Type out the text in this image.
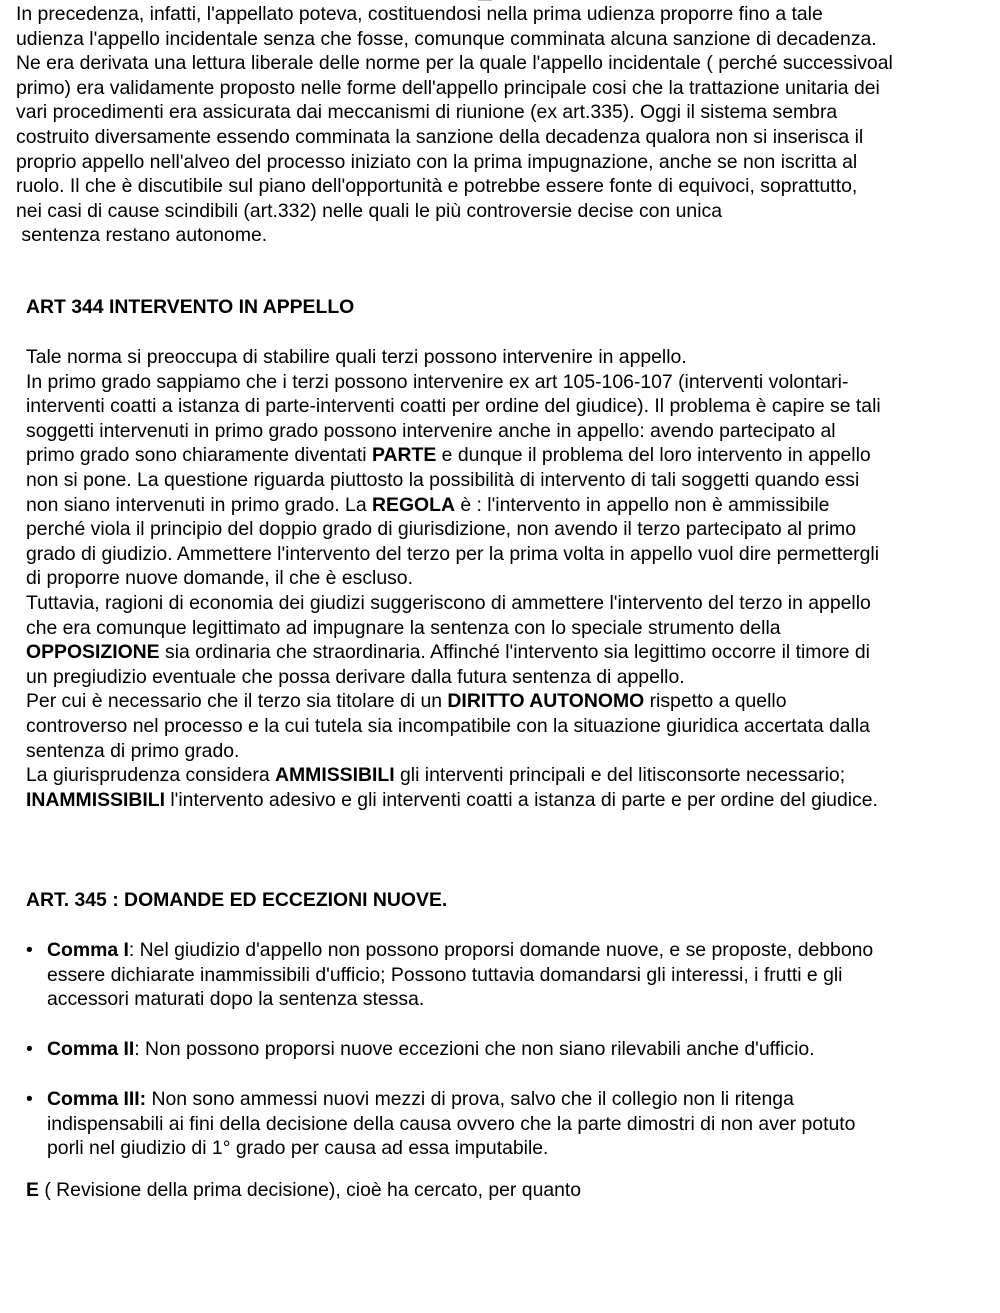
In precedenza, infatti, l'appellato poteva, costituendosi nella prima udienza proporre fino a tale
udienza l'appello incidentale senza che fosse, comunque comminata alcuna sanzione di decadenza.
Ne era derivata una lettura liberale delle norme per la quale l'appello incidentale ( perché successivoal
primo) era validamente proposto nelle forme dell'appello principale cosi che la trattazione unitaria dei
vari procedimenti era assicurata dai meccanismi di riunione (ex art.335). Oggi il sistema sembra
costruito diversamente essendo comminata la sanzione della decadenza qualora non si inserisca il
proprio appello nell'alveo del processo iniziato con la prima impugnazione, anche se non iscritta al
ruolo. Il che è discutibile sul piano dell'opportunità e potrebbe essere fonte di equivoci, soprattutto,
nei casi di cause scindibili (art.332) nelle quali le più controversie decise con unica
sentenza restano autonome.
ART 344 INTERVENTO IN APPELLO
Tale norma si preoccupa di stabilire quali terzi possono intervenire in appello.
In primo grado sappiamo che i terzi possono intervenire ex art 105-106-107 (interventi volontari-
interventi coatti a istanza di parte-interventi coatti per ordine del giudice). Il problema è capire se tali
soggetti intervenuti in primo grado possono intervenire anche in appello: avendo partecipato al
primo grado sono chiaramente diventati PARTE e dunque il problema del loro intervento in appello
non si pone. La questione riguarda piuttosto la possibilità di intervento di tali soggetti quando essi
non siano intervenuti in primo grado. La REGOLA è : l'intervento in appello non è ammissibile
perché viola il principio del doppio grado di giurisdizione, non avendo il terzo partecipato al primo
grado di giudizio. Ammettere l'intervento del terzo per la prima volta in appello vuol dire permettergli
di proporre nuove domande, il che è escluso.
Tuttavia, ragioni di economia dei giudizi suggeriscono di ammettere l'intervento del terzo in appello
che era comunque legittimato ad impugnare la sentenza con lo speciale strumento della
OPPOSIZIONE sia ordinaria che straordinaria. Affinché l'intervento sia legittimo occorre il timore di
un pregiudizio eventuale che possa derivare dalla futura sentenza di appello.
Per cui è necessario che il terzo sia titolare di un DIRITTO AUTONOMO rispetto a quello
controverso nel processo e la cui tutela sia incompatibile con la situazione giuridica accertata dalla
sentenza di primo grado.
La giurisprudenza considera AMMISSIBILI gli interventi principali e del litisconsorte necessario;
INAMMISSIBILI l'intervento adesivo e gli interventi coatti a istanza di parte e per ordine del giudice.
ART. 345 : DOMANDE ED ECCEZIONI NUOVE.
• Comma I: Nel giudizio d'appello non possono proporsi domande nuove, e se proposte, debbono
essere dichiarate inammissibili d'ufficio; Possono tuttavia domandarsi gli interessi, i frutti e gli
accessori maturati dopo la sentenza stessa.
• Comma II: Non possono proporsi nuove eccezioni che non siano rilevabili anche d'ufficio.
• Comma III: Non sono ammessi nuovi mezzi di prova, salvo che il collegio non li ritenga
indispensabili ai fini della decisione della causa ovvero che la parte dimostri di non aver potuto
porli nel giudizio di 1° grado per causa ad essa imputabile.
E ( Revisione della prima decisione), cioè ha cercato, per quanto
